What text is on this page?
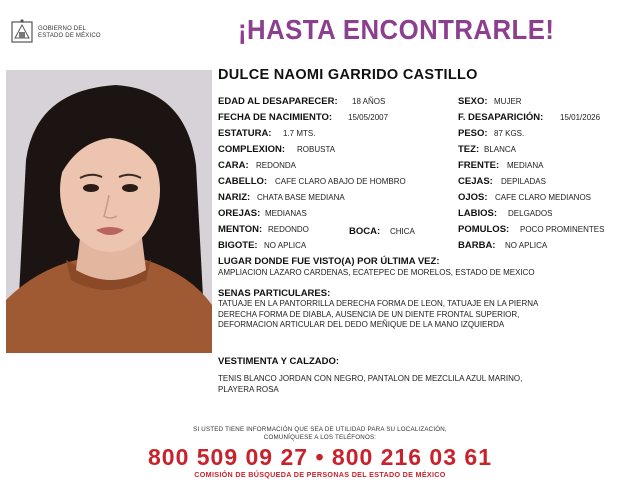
GOBIERNO DEL
ESTADO DE MÉXICO	¡HASTA ENCONTRARLE!
DULCE NAOMI GARRIDO CASTILLO
EDAD AL DESAPARECER: 18 AÑOS
FECHA DE NACIMIENTO: 15/05/2007
ESTATURA: 1.7 MTS.
COMPLEXION: ROBUSTA
CARA: REDONDA
CABELLO: CAFE CLARO ABAJO DE HOMBRO
NARIZ: CHATA BASE MEDIANA
OREJAS: MEDIANAS
MENTON: REDONDO	BOCA: CHICA
BIGOTE: NO APLICA
SEXO: MUJER
F. DESAPARICIÓN: 15/01/2026
PESO: 87 KGS.
TEZ: BLANCA
FRENTE: MEDIANA
CEJAS: DEPILADAS
OJOS: CAFE CLARO MEDIANOS
LABIOS: DELGADOS
POMULOS: POCO PROMINENTES
BARBA: NO APLICA
LUGAR DONDE FUE VISTO(A) POR ÚLTIMA VEZ:
AMPLIACION LAZARO CARDENAS, ECATEPEC DE MORELOS, ESTADO DE MEXICO
SENAS PARTICULARES:
TATUAJE EN LA PANTORRILLA DERECHA FORMA DE LEON, TATUAJE EN LA PIERNA
DERECHA FORMA DE DIABLA, AUSENCIA DE UN DIENTE FRONTAL SUPERIOR,
DEFORMACION ARTICULAR DEL DEDO MEÑIQUE DE LA MANO IZQUIERDA
VESTIMENTA Y CALZADO:
TENIS BLANCO JORDAN CON NEGRO, PANTALON DE MEZCLILA AZUL MARINO,
PLAYERA ROSA
SI USTED TIENE INFORMACIÓN QUE SEA DE UTILIDAD PARA SU LOCALIZACIÓN,
COMUNÍQUESE A LOS TELÉFONOS:
800 509 09 27 • 800 216 03 61
COMISIÓN DE BÚSQUEDA DE PERSONAS DEL ESTADO DE MÉXICO
